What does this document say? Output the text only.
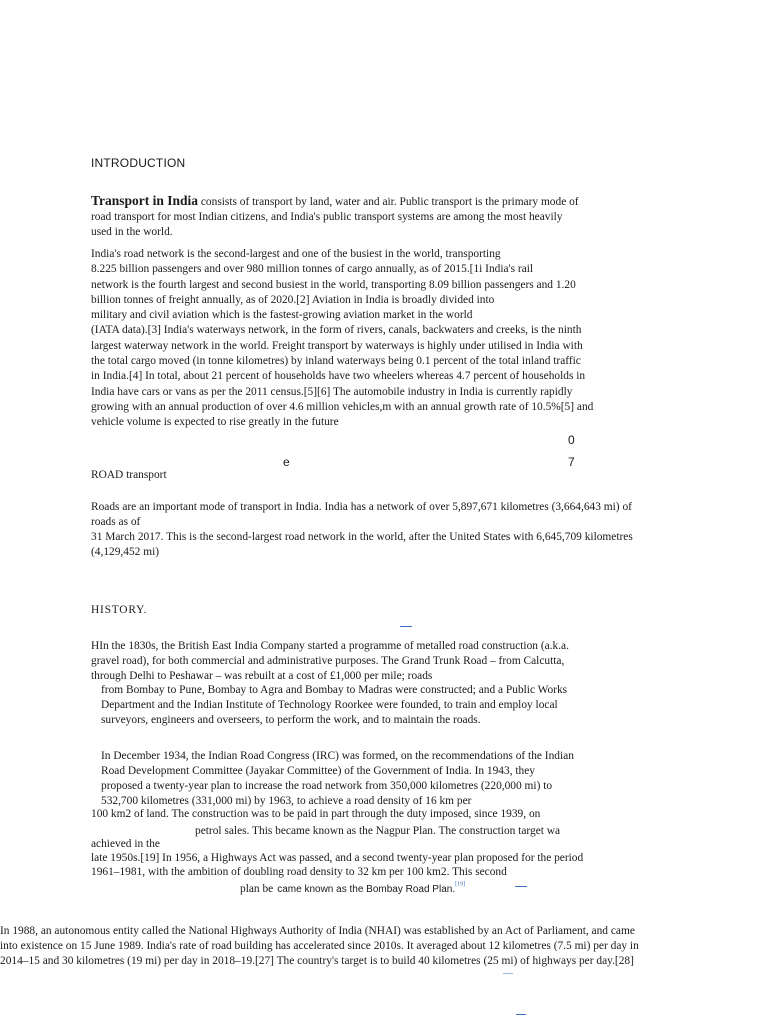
INTRODUCTION
Transport in India consists of transport by land, water and air. Public transport is the primary mode of
road transport for most Indian citizens, and India's public transport systems are among the most heavily
used in the world.
India's road network is the second-largest and one of the busiest in the world, transporting
8.225 billion passengers and over 980 million tonnes of cargo annually, as of 2015.[1i India's rail
network is the fourth largest and second busiest in the world, transporting 8.09 billion passengers and 1.20
billion tonnes of freight annually, as of 2020.[2] Aviation in India is broadly divided into
military and civil aviation which is the fastest-growing aviation market in the world
(IATA data).[3] India's waterways network, in the form of rivers, canals, backwaters and creeks, is the ninth
largest waterway network in the world. Freight transport by waterways is highly under utilised in India with
the total cargo moved (in tonne kilometres) by inland waterways being 0.1 percent of the total inland traffic
in India.[4] In total, about 21 percent of households have two wheelers whereas 4.7 percent of households in
India have cars or vans as per the 2011 census.[5][6] The automobile industry in India is currently rapidly
growing with an annual production of over 4.6 million vehicles,m with an annual growth rate of 10.5%[5] and
vehicle volume is expected to rise greatly in the future
0
e	7
ROAD transport
Roads are an important mode of transport in India. India has a network of over 5,897,671 kilometres (3,664,643 mi) of
roads as of
31 March 2017. This is the second-largest road network in the world, after the United States with 6,645,709 kilometres
(4,129,452 mi)
HISTORY.
HIn the 1830s, the British East India Company started a programme of metalled road construction (a.k.a.
gravel road), for both commercial and administrative purposes. The Grand Trunk Road – from Calcutta,
through Delhi to Peshawar – was rebuilt at a cost of £1,000 per mile; roads
from Bombay to Pune, Bombay to Agra and Bombay to Madras were constructed; and a Public Works
Department and the Indian Institute of Technology Roorkee were founded, to train and employ local
surveyors, engineers and overseers, to perform the work, and to maintain the roads.
In December 1934, the Indian Road Congress (IRC) was formed, on the recommendations of the Indian
Road Development Committee (Jayakar Committee) of the Government of India. In 1943, they
proposed a twenty-year plan to increase the road network from 350,000 kilometres (220,000 mi) to
532,700 kilometres (331,000 mi) by 1963, to achieve a road density of 16 km per
100 km2 of land. The construction was to be paid in part through the duty imposed, since 1939, on
petrol sales. This became known as the Nagpur Plan. The construction target wa
achieved in the
late 1950s.[19] In 1956, a Highways Act was passed, and a second twenty-year plan proposed for the period
1961–1981, with the ambition of doubling road density to 32 km per 100 km2. This second
plan be came known as the Bombay Road Plan.[19]
In 1988, an autonomous entity called the National Highways Authority of India (NHAI) was established by an Act of Parliament, and came
into existence on 15 June 1989. India's rate of road building has accelerated since 2010s. It averaged about 12 kilometres (7.5 mi) per day in
2014–15 and 30 kilometres (19 mi) per day in 2018–19.[27] The country's target is to build 40 kilometres (25 mi) of highways per day.[28]
